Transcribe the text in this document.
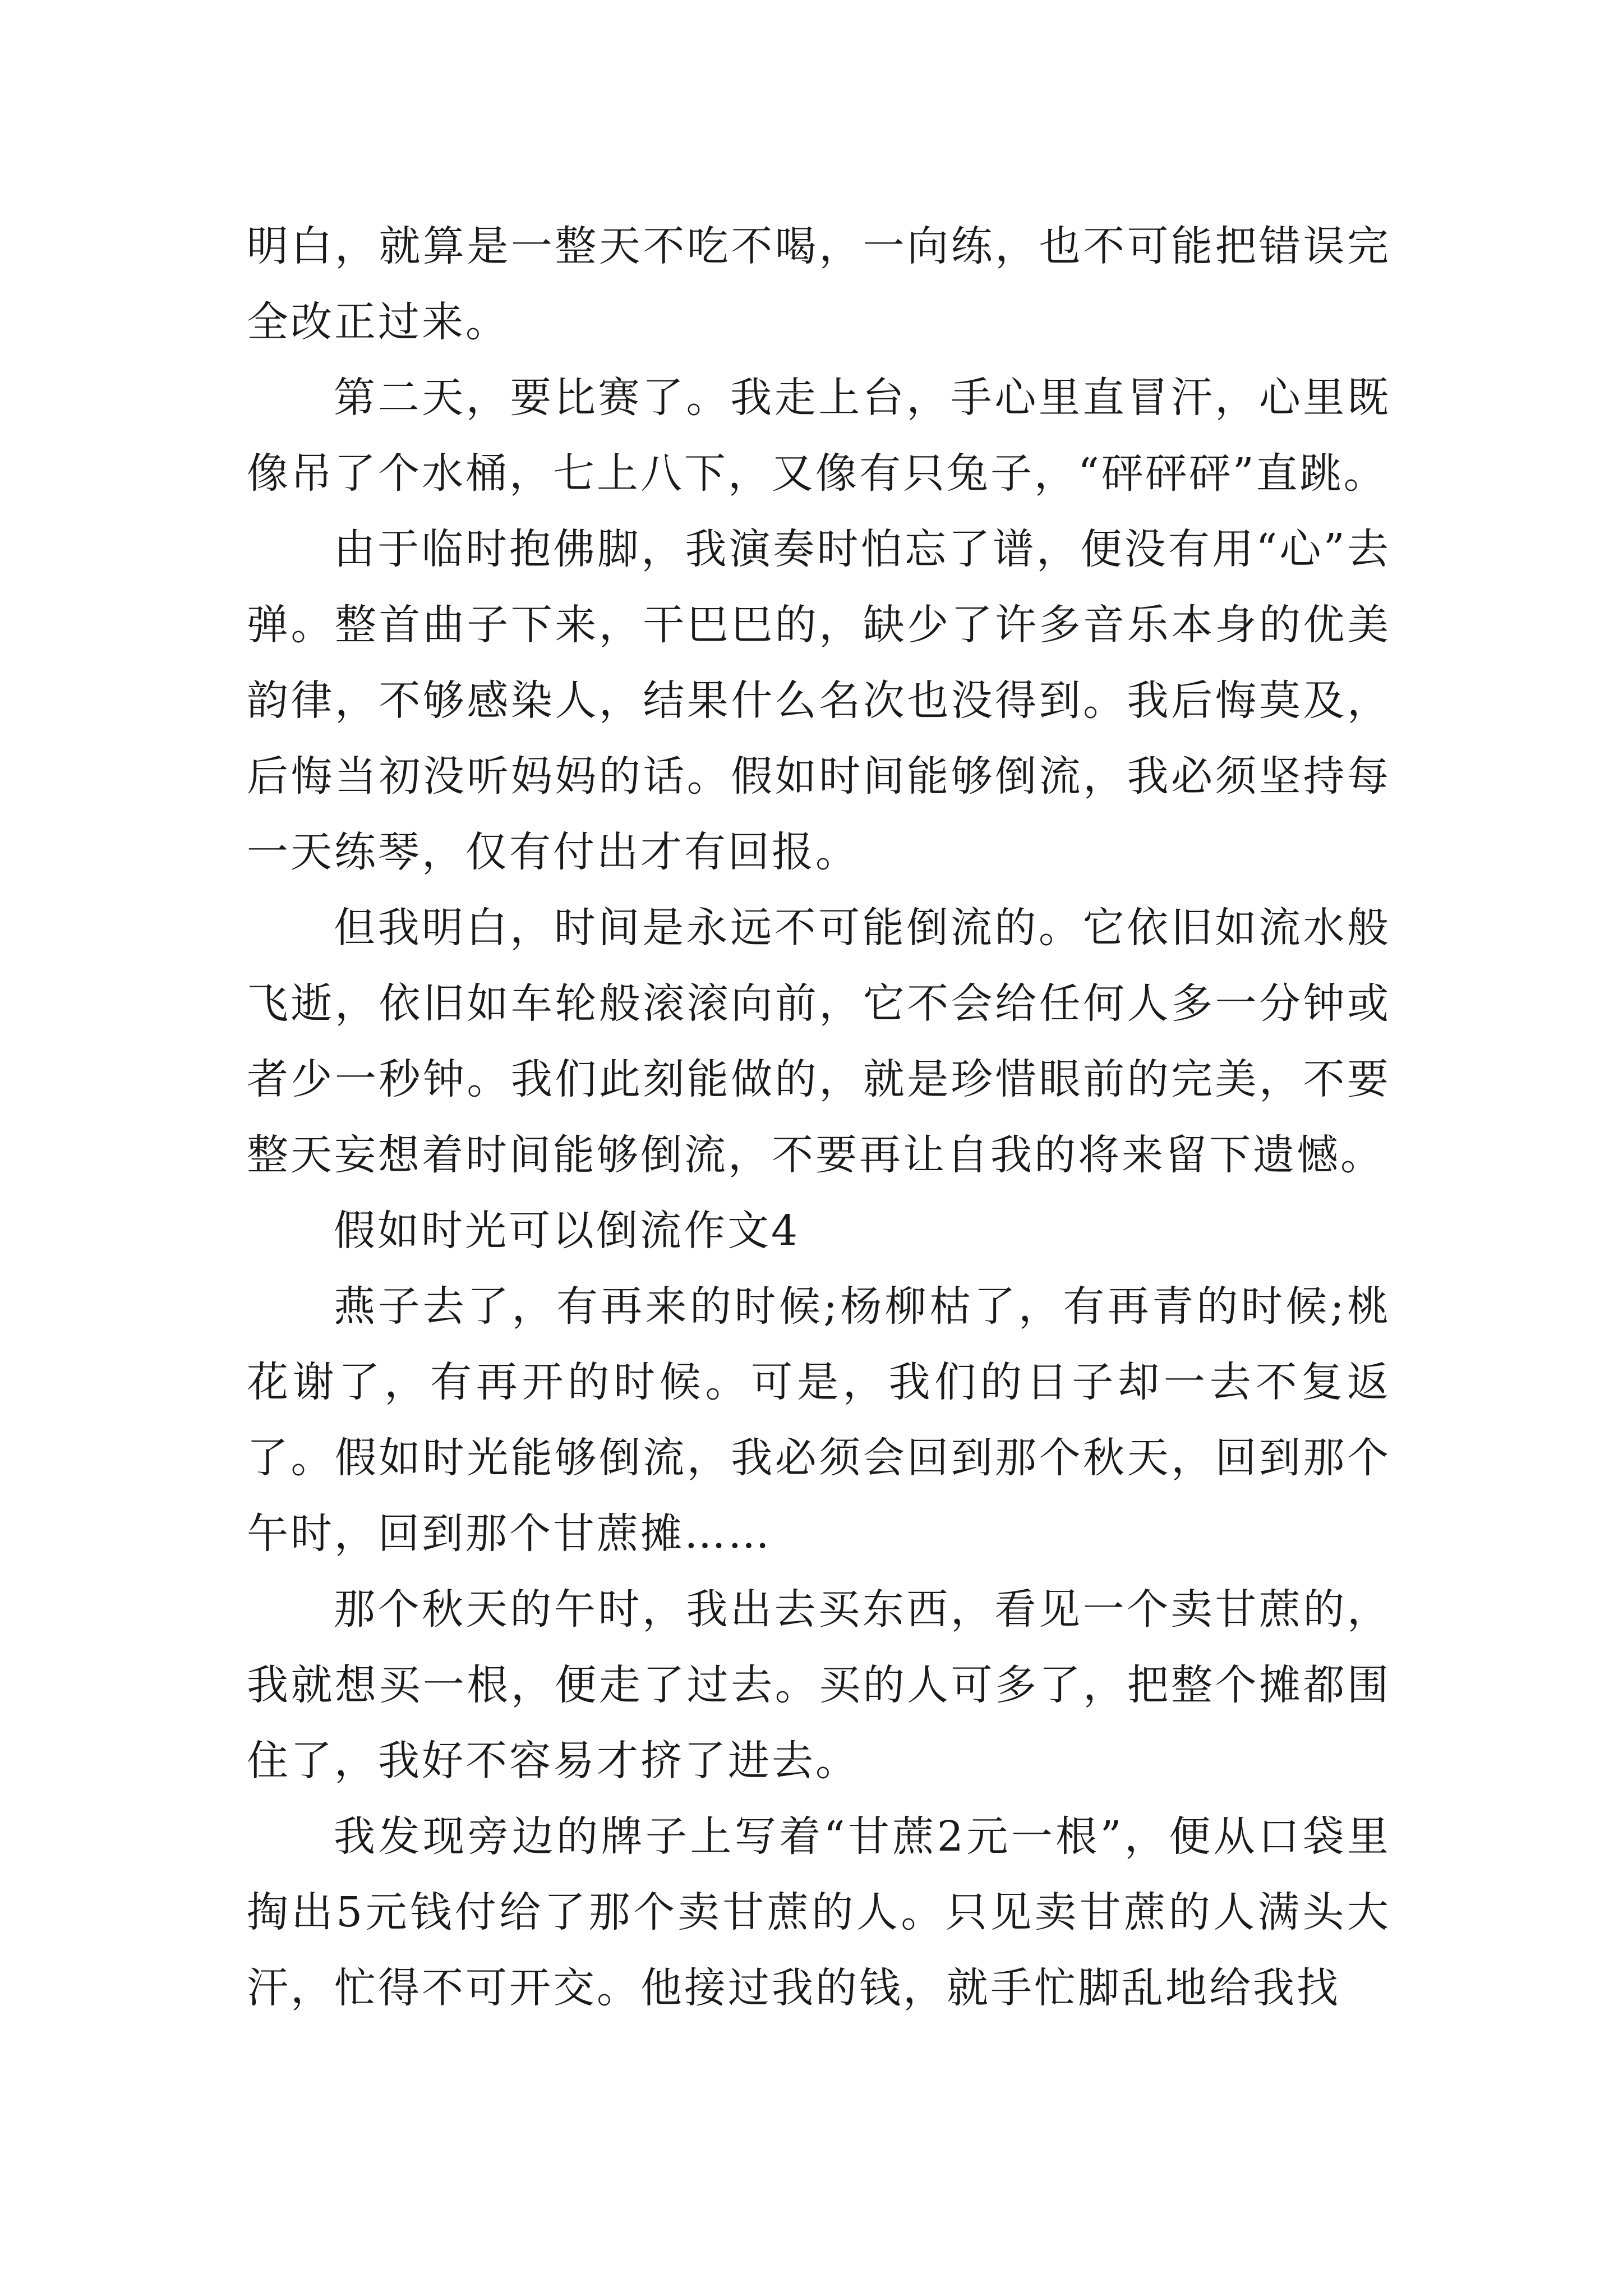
明白，就算是一整天不吃不喝，一向练，也不可能把错误完全改正过来。

第二天，要比赛了。我走上台，手心里直冒汗，心里既像吊了个水桶，七上八下，又像有只兔子，“砰砰砰”直跳。

由于临时抱佛脚，我演奏时怕忘了谱，便没有用“心”去弹。整首曲子下来，干巴巴的，缺少了许多音乐本身的优美韵律，不够感染人，结果什么名次也没得到。我后悔莫及，后悔当初没听妈妈的话。假如时间能够倒流，我必须坚持每一天练琴，仅有付出才有回报。

但我明白，时间是永远不可能倒流的。它依旧如流水般飞逝，依旧如车轮般滚滚向前，它不会给任何人多一分钟或者少一秒钟。我们此刻能做的，就是珍惜眼前的完美，不要整天妄想着时间能够倒流，不要再让自我的将来留下遗憾。

假如时光可以倒流作文4

燕子去了，有再来的时候;杨柳枯了，有再青的时候;桃花谢了，有再开的时候。可是，我们的日子却一去不复返了。假如时光能够倒流，我必须会回到那个秋天，回到那个午时，回到那个甘蔗摊……

那个秋天的午时，我出去买东西，看见一个卖甘蔗的，我就想买一根，便走了过去。买的人可多了，把整个摊都围住了，我好不容易才挤了进去。

我发现旁边的牌子上写着“甘蔗2元一根”，便从口袋里掏出5元钱付给了那个卖甘蔗的人。只见卖甘蔗的人满头大汗，忙得不可开交。他接过我的钱，就手忙脚乱地给我找
